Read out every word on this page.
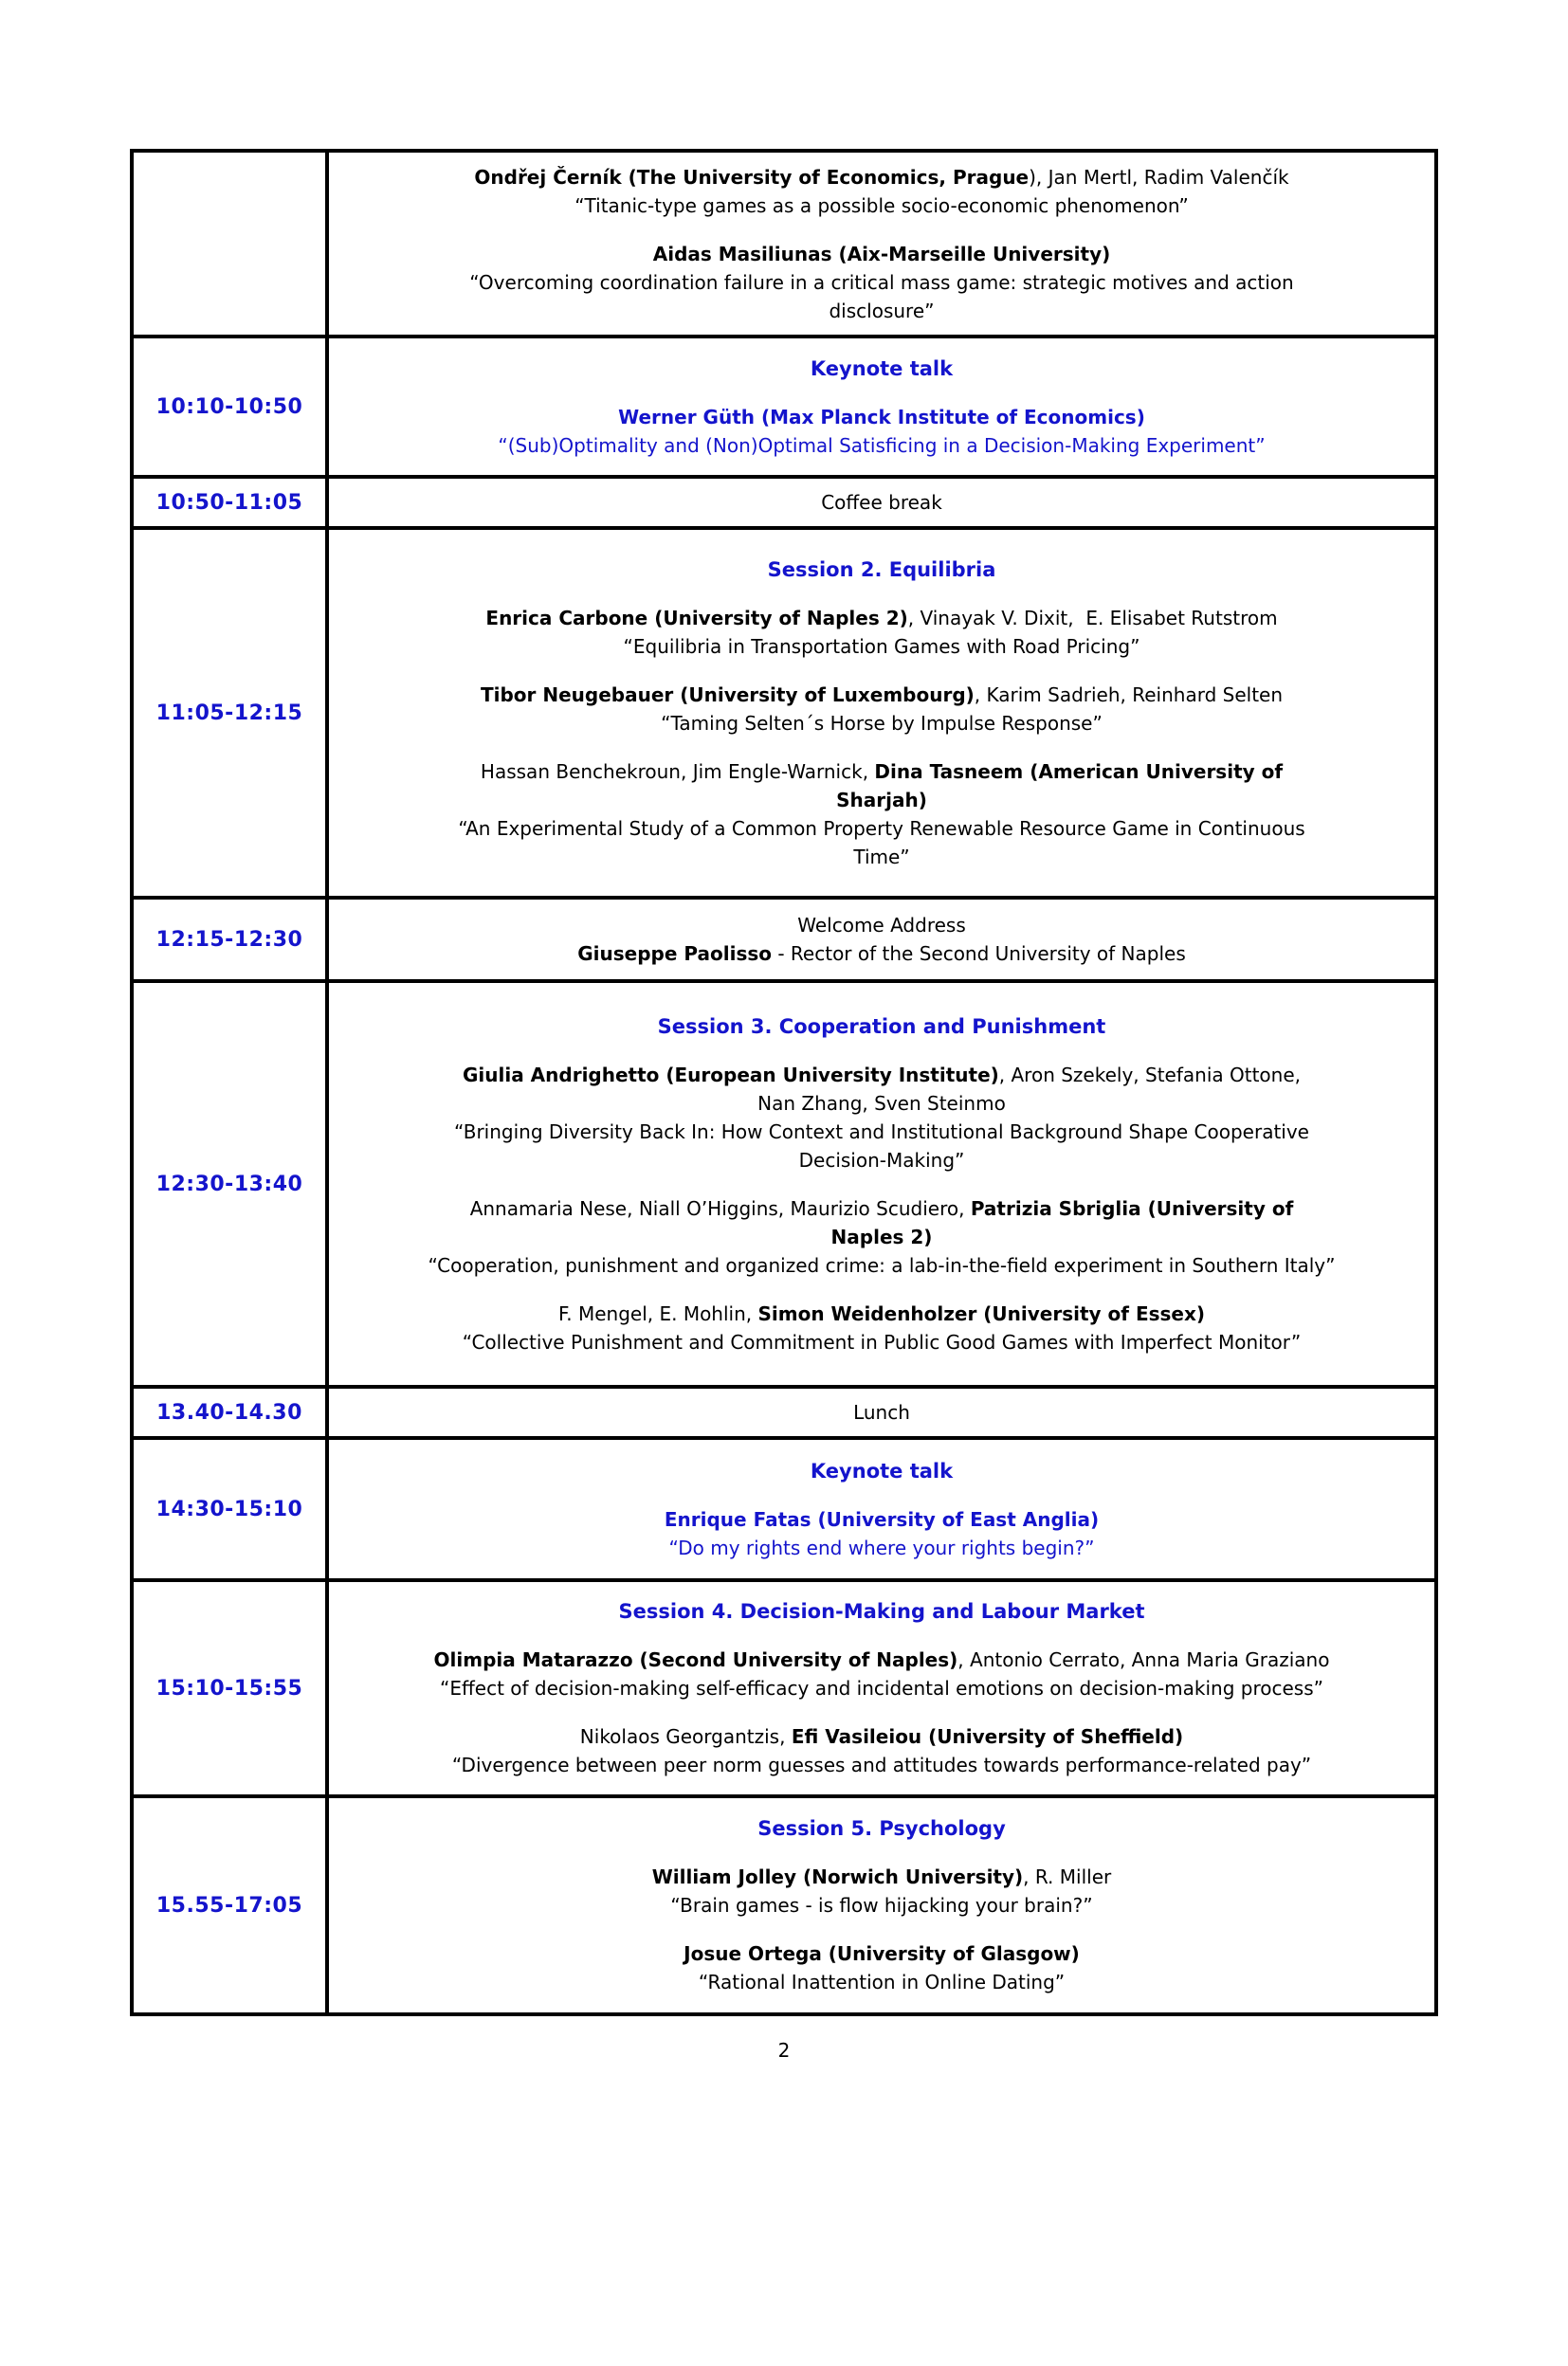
	Ondřej Černík (The University of Economics, Prague), Jan Mertl, Radim Valenčík
“Titanic-type games as a possible socio-economic phenomenon”
Aidas Masiliunas (Aix-Marseille University)
“Overcoming coordination failure in a critical mass game: strategic motives and action
disclosure”

10:10-10:50	Keynote talk
Werner Güth (Max Planck Institute of Economics)
“(Sub)Optimality and (Non)Optimal Satisficing in a Decision-Making Experiment”

10:50-11:05	Coffee break

11:05-12:15	
Session 2. Equilibria
Enrica Carbone (University of Naples 2), Vinayak V. Dixit,  E. Elisabet Rutstrom
“Equilibria in Transportation Games with Road Pricing”
Tibor Neugebauer (University of Luxembourg), Karim Sadrieh, Reinhard Selten
“Taming Selten´s Horse by Impulse Response”
Hassan Benchekroun, Jim Engle-Warnick, Dina Tasneem (American University of
Sharjah)
“An Experimental Study of a Common Property Renewable Resource Game in Continuous
Time”

12:15-12:30	Welcome Address
Giuseppe Paolisso - Rector of the Second University of Naples

12:30-13:40	
Session 3. Cooperation and Punishment
Giulia Andrighetto (European University Institute), Aron Szekely, Stefania Ottone,
Nan Zhang, Sven Steinmo
“Bringing Diversity Back In: How Context and Institutional Background Shape Cooperative
Decision-Making”
Annamaria Nese, Niall O’Higgins, Maurizio Scudiero, Patrizia Sbriglia (University of
Naples 2)
“Cooperation, punishment and organized crime: a lab-in-the-field experiment in Southern Italy”
F. Mengel, E. Mohlin, Simon Weidenholzer (University of Essex)
“Collective Punishment and Commitment in Public Good Games with Imperfect Monitor”

13.40-14.30	Lunch

14:30-15:10	Keynote talk
Enrique Fatas (University of East Anglia)
“Do my rights end where your rights begin?”

15:10-15:55	Session 4. Decision-Making and Labour Market
Olimpia Matarazzo (Second University of Naples), Antonio Cerrato, Anna Maria Graziano
“Effect of decision-making self-efficacy and incidental emotions on decision-making process”
Nikolaos Georgantzis, Efi Vasileiou (University of Sheffield)
“Divergence between peer norm guesses and attitudes towards performance-related pay”

15.55-17:05	Session 5. Psychology
William Jolley (Norwich University), R. Miller
“Brain games - is flow hijacking your brain?”
Josue Ortega (University of Glasgow)
“Rational Inattention in Online Dating”
2
